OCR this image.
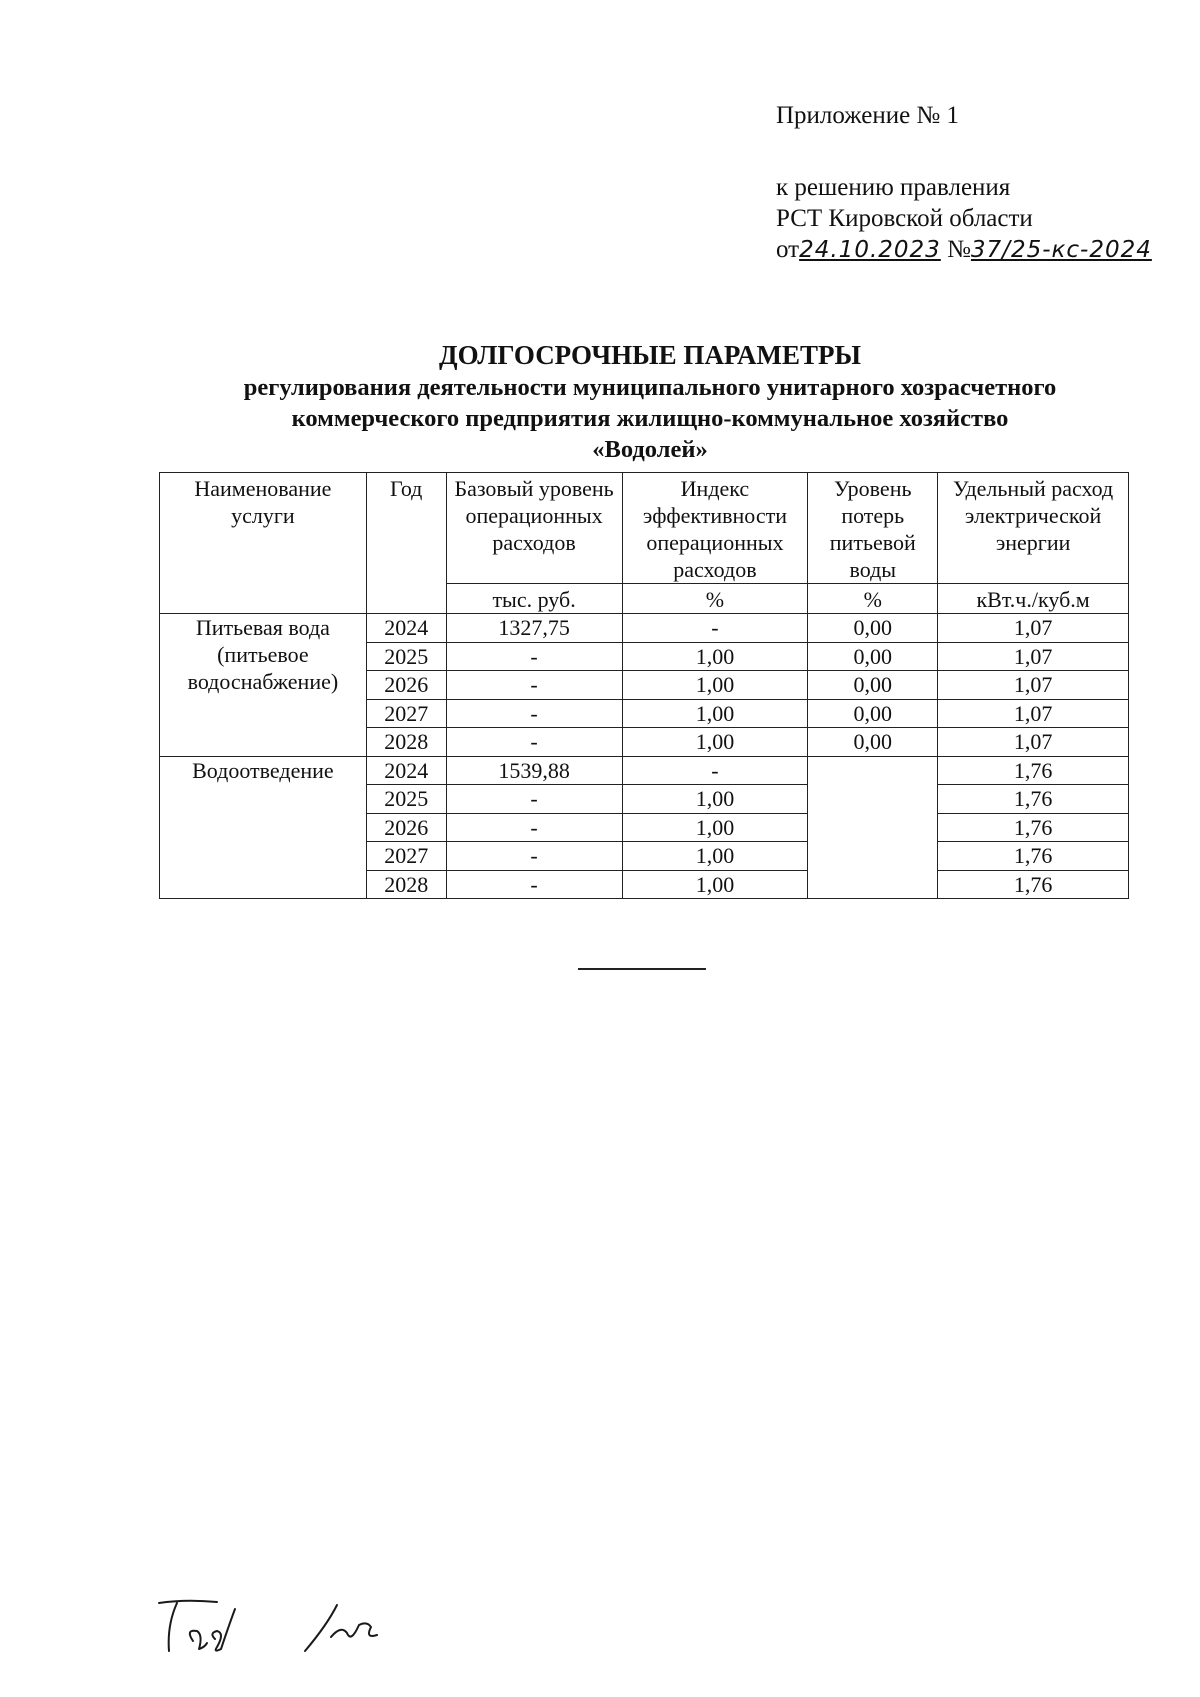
Приложение № 1
к решению правления
РСТ Кировской области
от24.10.2023 №37/25-кс-2024
ДОЛГОСРОЧНЫЕ ПАРАМЕТРЫ
регулирования деятельности муниципального унитарного хозрасчетного
коммерческого предприятия жилищно-коммунальное хозяйство
«Водолей»
Наименование услуги	Год	Базовый уровень операционных расходов	Индекс эффективности операционных расходов	Уровень потерь питьевой воды	Удельный расход электрической энергии
		тыс. руб.	%	%	кВт.ч./куб.м
Питьевая вода (питьевое водоснабжение)	2024	1327,75	-	0,00	1,07
	2025	-	1,00	0,00	1,07
	2026	-	1,00	0,00	1,07
	2027	-	1,00	0,00	1,07
	2028	-	1,00	0,00	1,07
Водоотведение	2024	1539,88	-		1,76
	2025	-	1,00		1,76
	2026	-	1,00		1,76
	2027	-	1,00		1,76
	2028	-	1,00		1,76
